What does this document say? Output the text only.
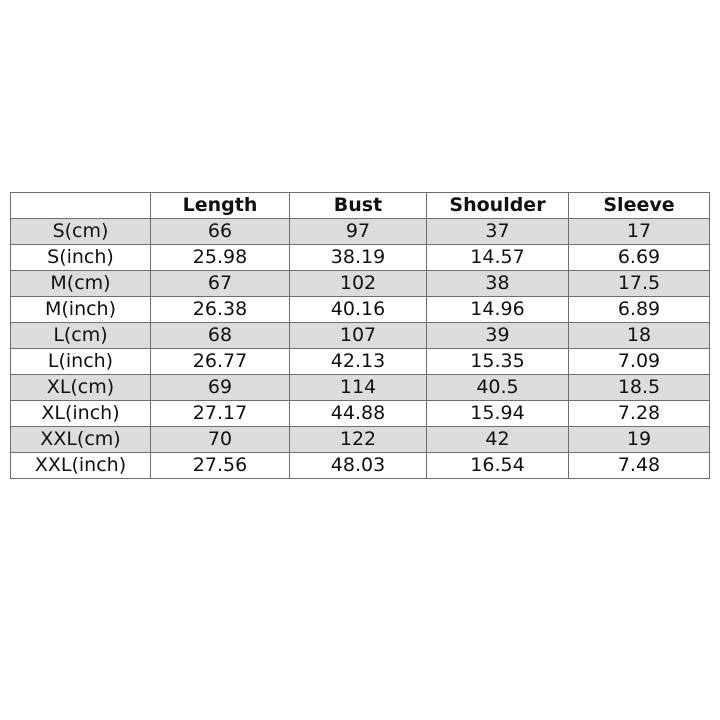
	Length	Bust	Shoulder	Sleeve
S(cm)	66	97	37	17
S(inch)	25.98	38.19	14.57	6.69
M(cm)	67	102	38	17.5
M(inch)	26.38	40.16	14.96	6.89
L(cm)	68	107	39	18
L(inch)	26.77	42.13	15.35	7.09
XL(cm)	69	114	40.5	18.5
XL(inch)	27.17	44.88	15.94	7.28
XXL(cm)	70	122	42	19
XXL(inch)	27.56	48.03	16.54	7.48
